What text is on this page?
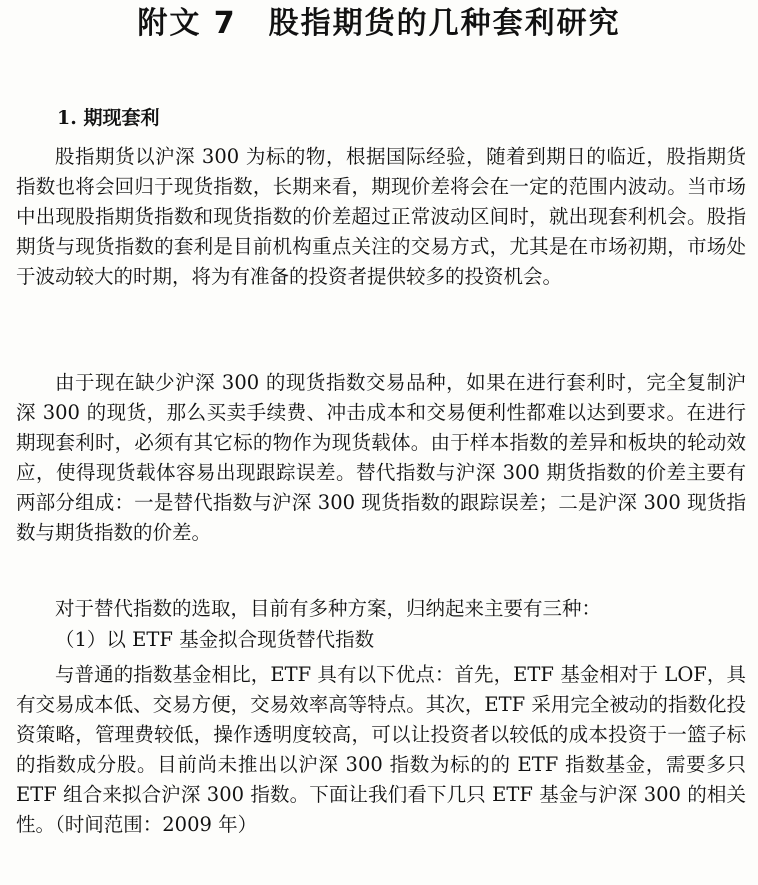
附文 7　股指期货的几种套利研究
1. 期现套利

股指期货以沪深 300 为标的物，根据国际经验，随着到期日的临近，股指期货指数也将会回归于现货指数，长期来看，期现价差将会在一定的范围内波动。当市场中出现股指期货指数和现货指数的价差超过正常波动区间时，就出现套利机会。股指期货与现货指数的套利是目前机构重点关注的交易方式，尤其是在市场初期，市场处于波动较大的时期，将为有准备的投资者提供较多的投资机会。

由于现在缺少沪深 300 的现货指数交易品种，如果在进行套利时，完全复制沪深 300 的现货，那么买卖手续费、冲击成本和交易便利性都难以达到要求。在进行期现套利时，必须有其它标的物作为现货载体。由于样本指数的差异和板块的轮动效应，使得现货载体容易出现跟踪误差。替代指数与沪深 300 期货指数的价差主要有两部分组成：一是替代指数与沪深 300 现货指数的跟踪误差；二是沪深 300 现货指数与期货指数的价差。

对于替代指数的选取，目前有多种方案，归纳起来主要有三种：

（1）以 ETF 基金拟合现货替代指数

与普通的指数基金相比，ETF 具有以下优点：首先，ETF 基金相对于 LOF，具有交易成本低、交易方便，交易效率高等特点。其次，ETF 采用完全被动的指数化投资策略，管理费较低，操作透明度较高，可以让投资者以较低的成本投资于一篮子标的指数成分股。目前尚未推出以沪深 300 指数为标的的 ETF 指数基金，需要多只 ETF 组合来拟合沪深 300 指数。下面让我们看下几只 ETF 基金与沪深 300 的相关性。（时间范围：2009 年）
